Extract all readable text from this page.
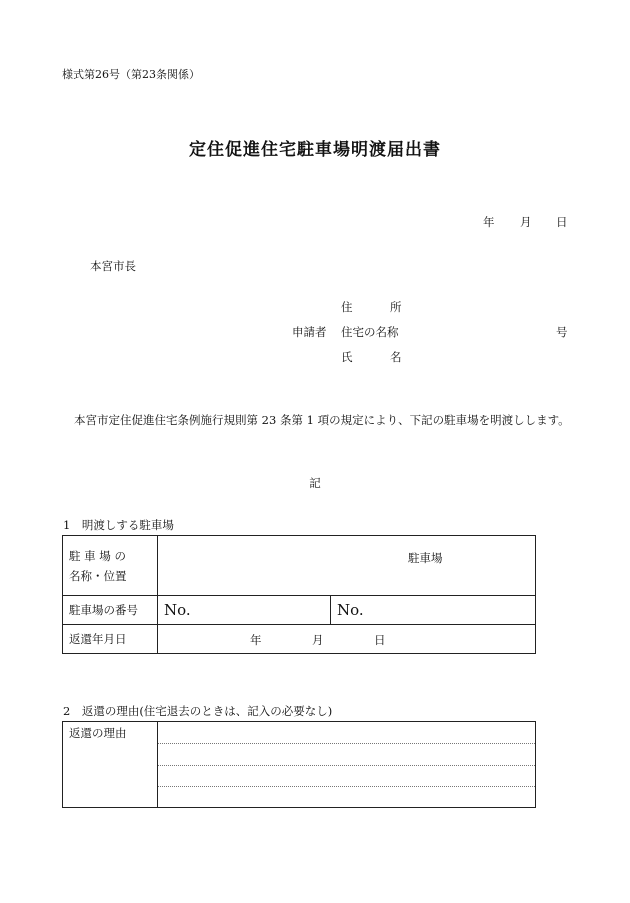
様式第26号（第23条関係）
定住促進住宅駐車場明渡届出書
年 月 日
本宮市長
住	所
申請者 住宅の名称	号
氏	名
本宮市定住促進住宅条例施行規則第 23 条第 1 項の規定により、下記の駐車場を明渡しします。
記
1　明渡しする駐車場
駐 車 場 の
名称・位置	駐車場	
駐車場の番号	No.	No.
返還年月日	年 月 日	
2　返還の理由(住宅退去のときは、記入の必要なし)
返還の理由	
